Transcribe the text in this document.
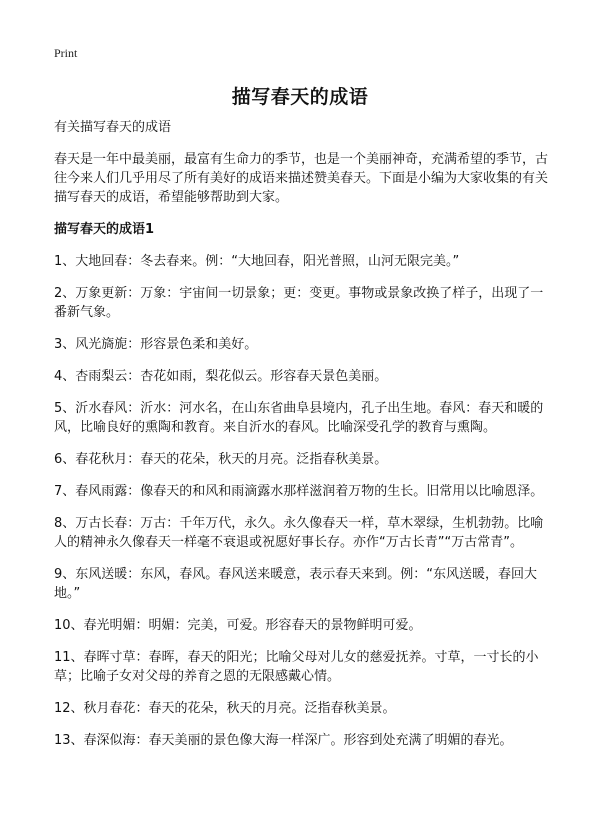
Print
描写春天的成语

有关描写春天的成语

春天是一年中最美丽，最富有生命力的季节，也是一个美丽神奇，充满希望的季节，古往今来人们几乎用尽了所有美好的成语来描述赞美春天。下面是小编为大家收集的有关描写春天的成语，希望能够帮助到大家。

描写春天的成语1

1、大地回春：冬去春来。例：“大地回春，阳光普照，山河无限完美。”

2、万象更新：万象：宇宙间一切景象；更：变更。事物或景象改换了样子，出现了一番新气象。

3、风光旖旎：形容景色柔和美好。

4、杏雨梨云：杏花如雨，梨花似云。形容春天景色美丽。

5、沂水春风：沂水：河水名，在山东省曲阜县境内，孔子出生地。春风：春天和暖的风，比喻良好的熏陶和教育。来自沂水的春风。比喻深受孔学的教育与熏陶。

6、春花秋月：春天的花朵，秋天的月亮。泛指春秋美景。

7、春风雨露：像春天的和风和雨滴露水那样滋润着万物的生长。旧常用以比喻恩泽。

8、万古长春：万古：千年万代，永久。永久像春天一样，草木翠绿，生机勃勃。比喻人的精神永久像春天一样毫不衰退或祝愿好事长存。亦作“万古长青”“万古常青”。

9、东风送暖：东风，春风。春风送来暖意，表示春天来到。例：“东风送暖，春回大地。”

10、春光明媚：明媚：完美，可爱。形容春天的景物鲜明可爱。

11、春晖寸草：春晖，春天的阳光；比喻父母对儿女的慈爱抚养。寸草，一寸长的小草；比喻子女对父母的养育之恩的无限感戴心情。

12、秋月春花：春天的花朵，秋天的月亮。泛指春秋美景。

13、春深似海：春天美丽的景色像大海一样深广。形容到处充满了明媚的春光。
